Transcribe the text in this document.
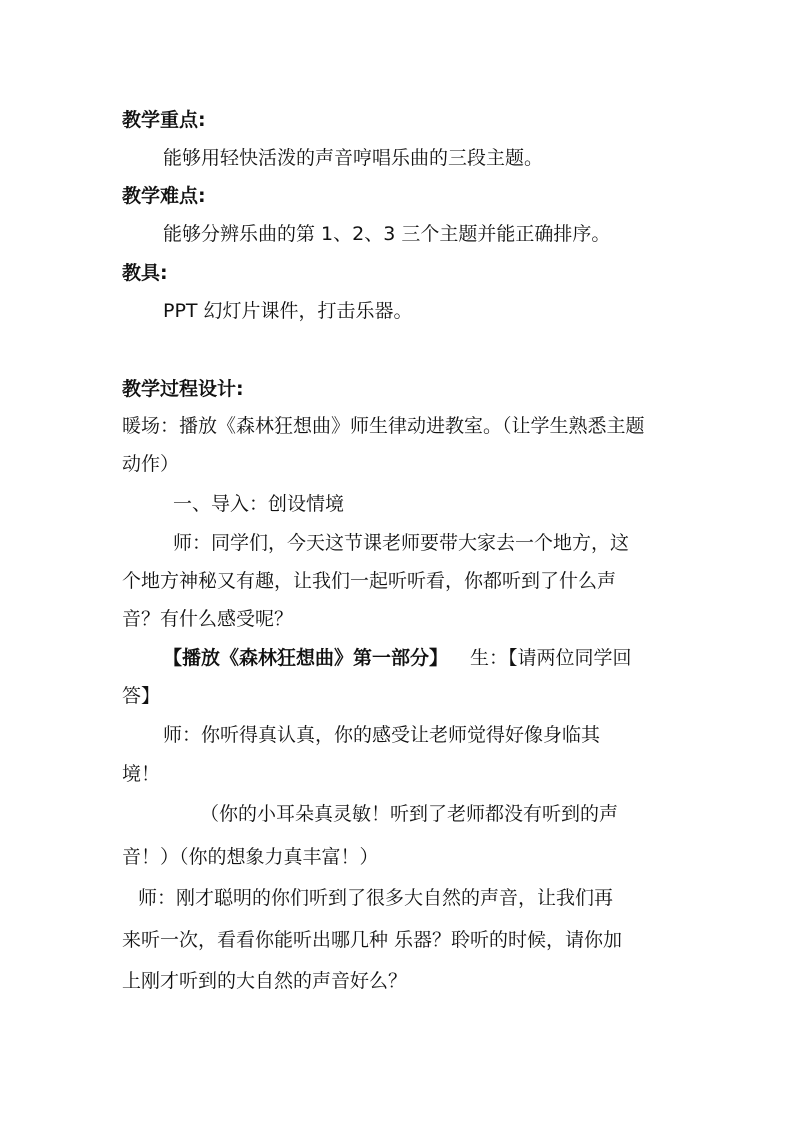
教学重点:
能够用轻快活泼的声音哼唱乐曲的三段主题。
教学难点:
能够分辨乐曲的第 1、2、3 三个主题并能正确排序。
教具:
PPT 幻灯片课件，打击乐器。
教学过程设计:
暖场：播放《森林狂想曲》师生律动进教室。（让学生熟悉主题
动作）
一、导入：创设情境
师：同学们，今天这节课老师要带大家去一个地方，这
个地方神秘又有趣，让我们一起听听看，你都听到了什么声
音？有什么感受呢？
【播放《森林狂想曲》第一部分】 生：【请两位同学回
答】
师：你听得真认真，你的感受让老师觉得好像身临其
境！
（你的小耳朵真灵敏！听到了老师都没有听到的声
音！）（你的想象力真丰富！）
师：刚才聪明的你们听到了很多大自然的声音，让我们再
来听一次，看看你能听出哪几种 乐器？聆听的时候，请你加
上刚才听到的大自然的声音好么？
